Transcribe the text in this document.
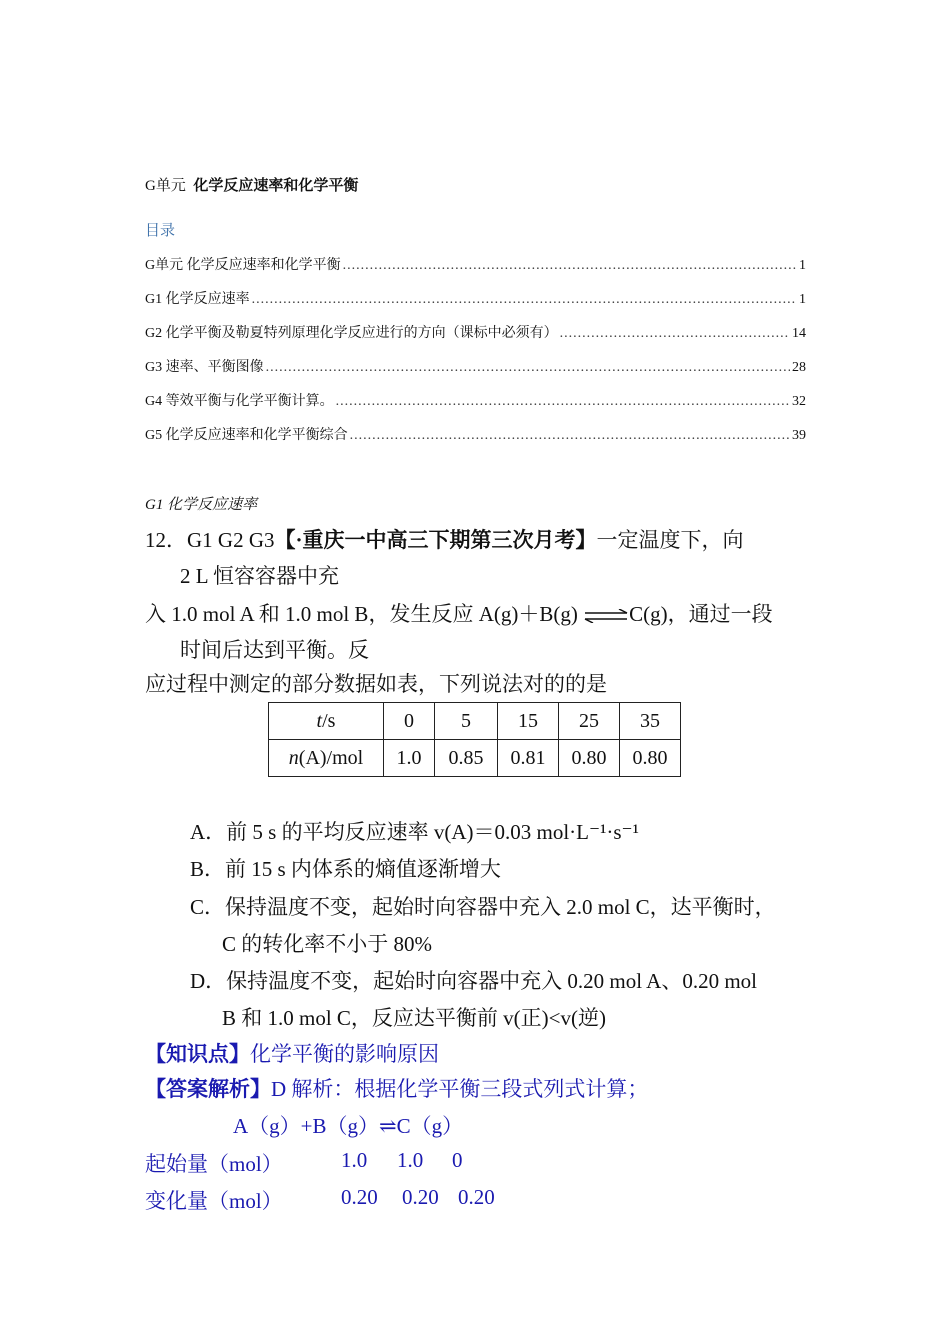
G单元 化学反应速率和化学平衡
目录
G单元 化学反应速率和化学平衡 .....	1
G1 化学反应速率 .....	1
G2 化学平衡及勒夏特列原理化学反应进行的方向（课标中必须有） .....	14
G3 速率、平衡图像 .....	28
G4 等效平衡与化学平衡计算。 .....	32
G5 化学反应速率和化学平衡综合 .....	39
G1 化学反应速率
12．G1 G2 G3【·重庆一中高三下期第三次月考】一定温度下，向
2 L 恒容容器中充
入 1.0 mol A 和 1.0 mol B，发生反应 A(g)＋B(g) ⇌C(g)，通过一段
时间后达到平衡。反
应过程中测定的部分数据如表，下列说法对的的是
t/s	0	5	15	25	35
n(A)/mol	1.0	0.85	0.81	0.80	0.80
A．前 5 s 的平均反应速率 v(A)＝0.03 mol·L⁻¹·s⁻¹
B．前 15 s 内体系的熵值逐渐增大
C．保持温度不变，起始时向容器中充入 2.0 mol C，达平衡时，
C 的转化率不小于 80%
D．保持温度不变，起始时向容器中充入 0.20 mol A、0.20 mol
B 和 1.0 mol C，反应达平衡前 v(正)<v(逆)
【知识点】化学平衡的影响原因
【答案解析】D 解析：根据化学平衡三段式列式计算；
A（g）+B（g）⇌C（g）
起始量（mol）	1.0 1.0 0
变化量（mol）	0.20 0.20 0.20
